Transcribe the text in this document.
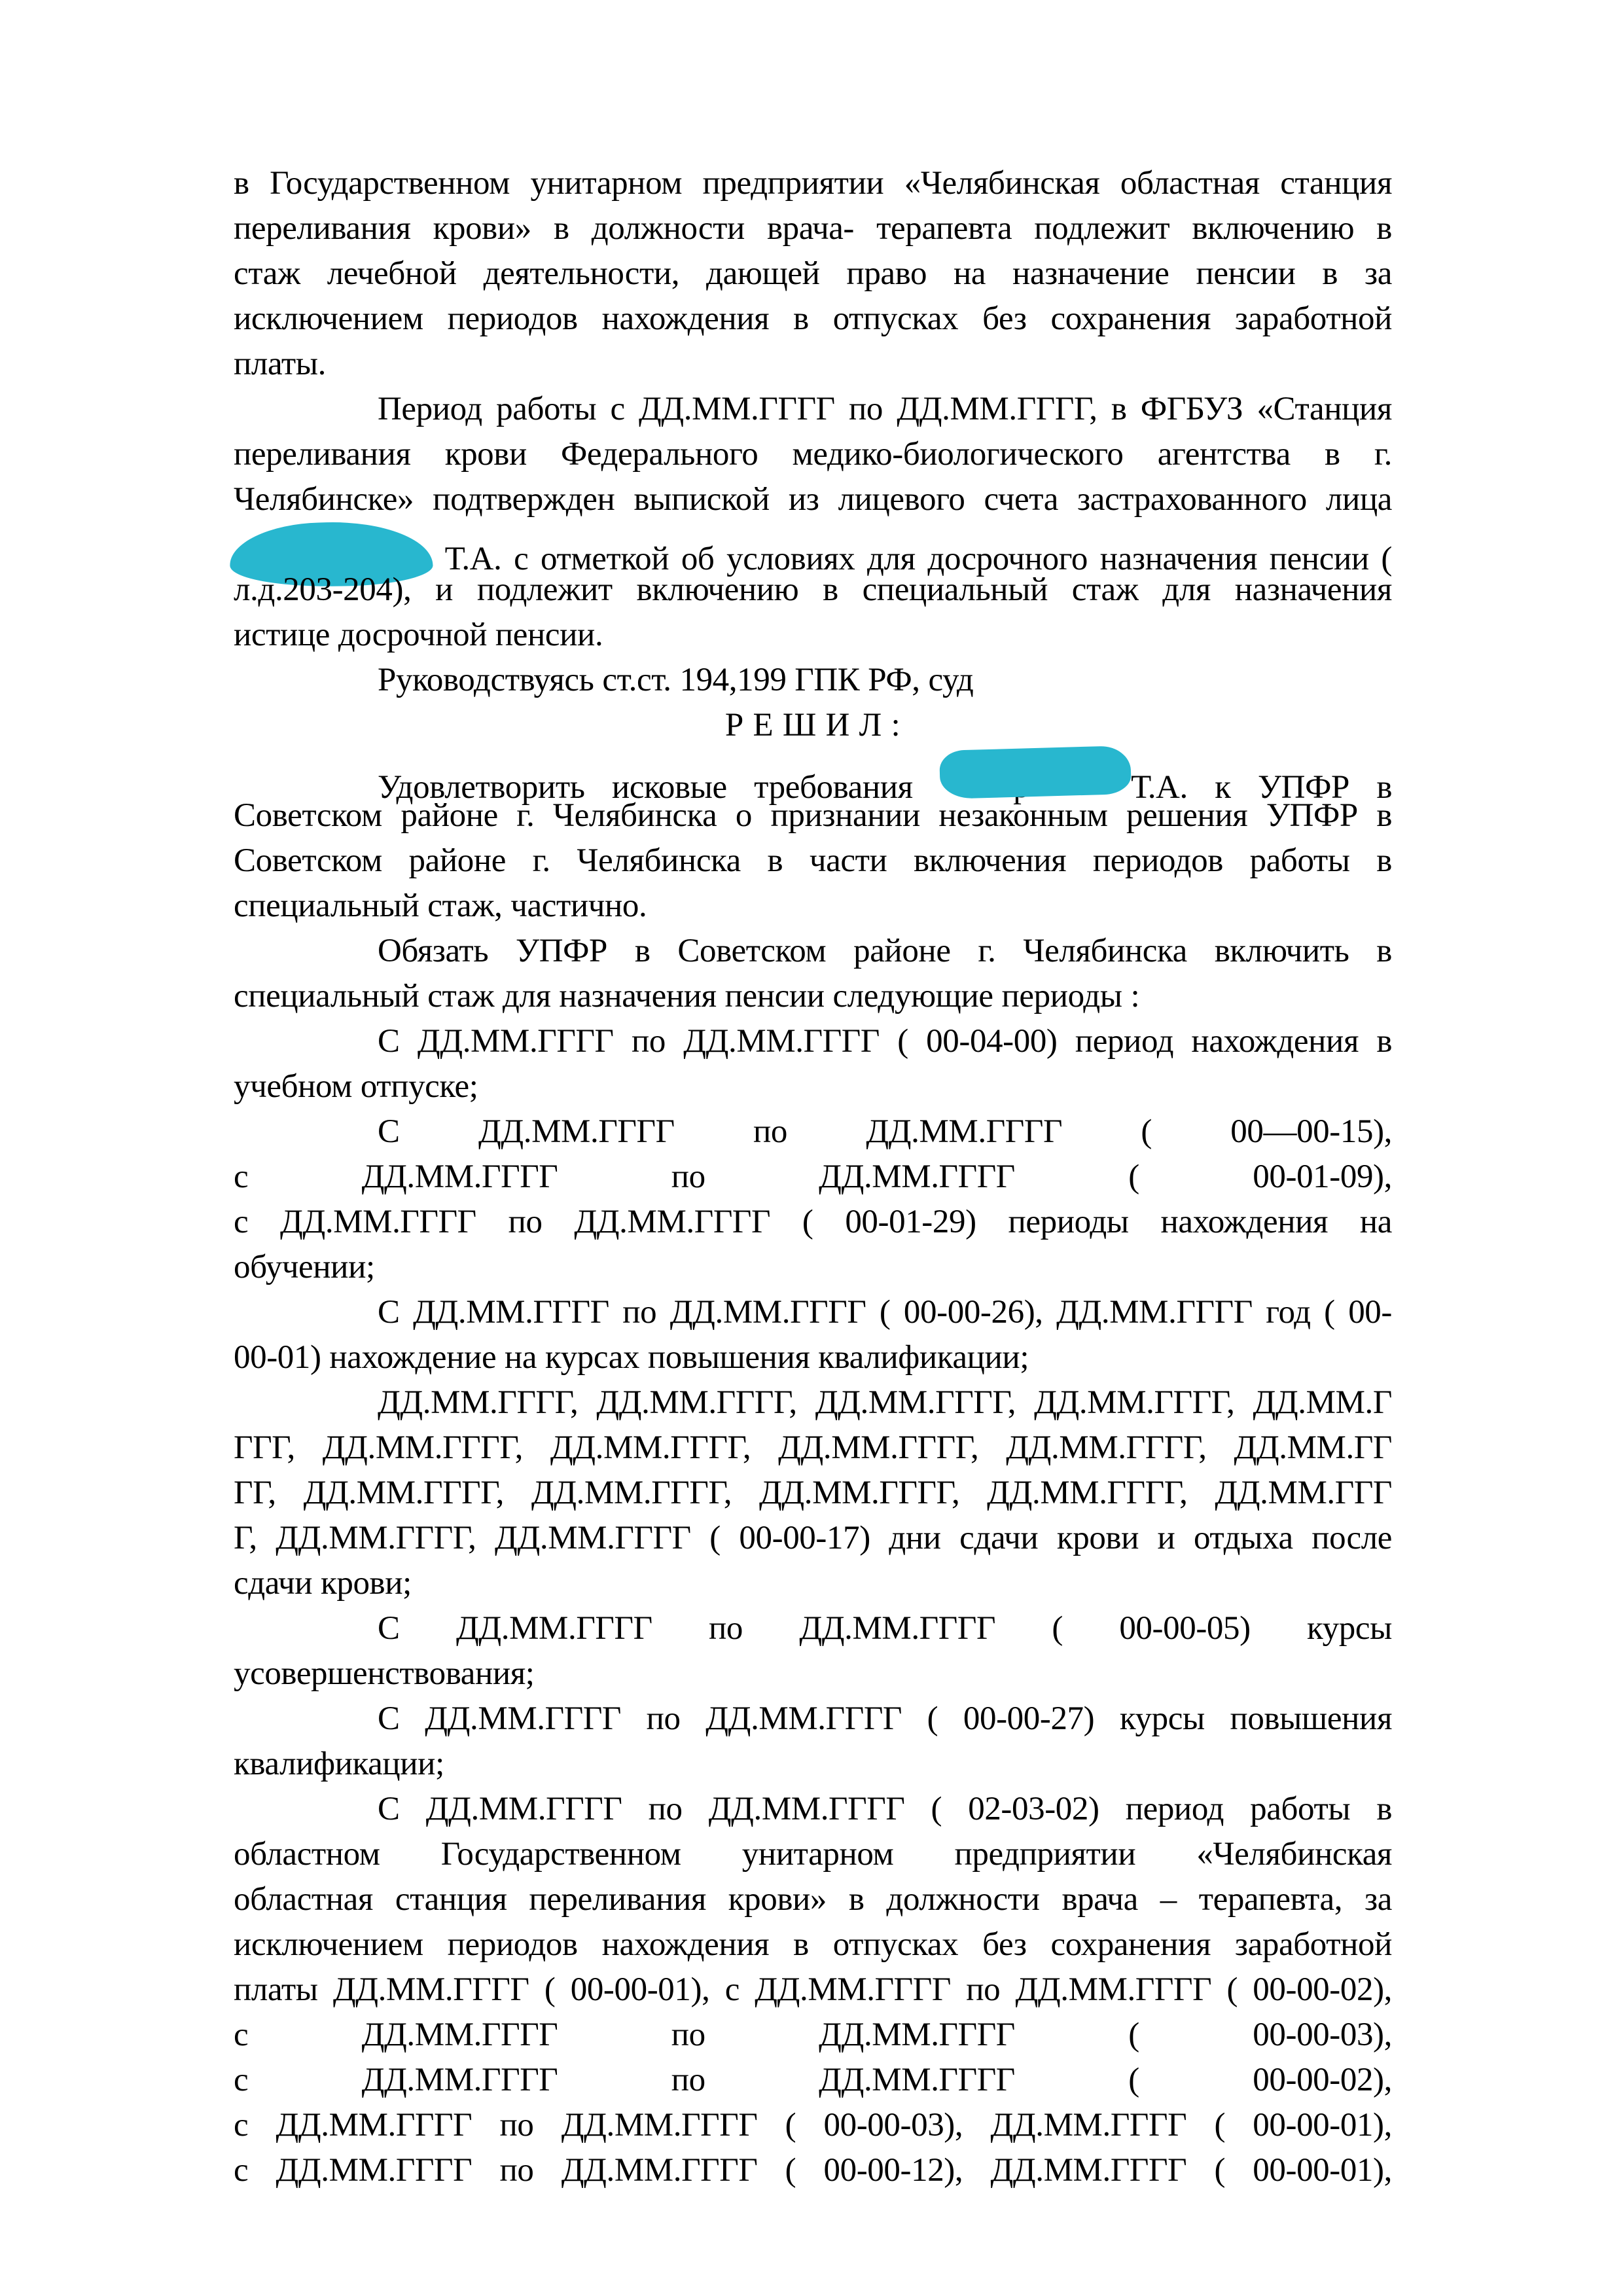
в Государственном унитарном предприятии «Челябинская областная станция
переливания крови» в должности врача- терапевта подлежит включению в
стаж лечебной деятельности, дающей право на назначение пенсии в за
исключением периодов нахождения в отпусках без сохранения заработной
платы.
Период работы с ДД.ММ.ГГГГ по ДД.ММ.ГГГГ, в ФГБУЗ «Станция
переливания крови Федерального медико-биологического агентства в г.
Челябинске» подтвержден выпиской из лицевого счета застрахованного лица
Т.А. с отметкой об условиях для досрочного назначения пенсии (
л.д.203-204), и подлежит включению в специальный стаж для назначения
истице досрочной пенсии.
Руководствуясь ст.ст. 194,199 ГПК РФ, суд
Р Е Ш И Л :
Удовлетворить исковые требования	Т.А. к УПФР в
Советском районе г. Челябинска о признании незаконным решения УПФР в
Советском районе г. Челябинска в части включения периодов работы в
специальный стаж, частично.
Обязать УПФР в Советском районе г. Челябинска включить в
специальный стаж для назначения пенсии следующие периоды :
С ДД.ММ.ГГГГ по ДД.ММ.ГГГГ ( 00-04-00) период нахождения в
учебном отпуске;
С ДД.ММ.ГГГГ по ДД.ММ.ГГГГ ( 00—00-15),
с ДД.ММ.ГГГГ по ДД.ММ.ГГГГ ( 00-01-09),
с ДД.ММ.ГГГГ по ДД.ММ.ГГГГ ( 00-01-29) периоды нахождения на
обучении;
С ДД.ММ.ГГГГ по ДД.ММ.ГГГГ ( 00-00-26), ДД.ММ.ГГГГ год ( 00-
00-01) нахождение на курсах повышения квалификации;
ДД.ММ.ГГГГ, ДД.ММ.ГГГГ, ДД.ММ.ГГГГ, ДД.ММ.ГГГГ, ДД.ММ.Г
ГГГ, ДД.ММ.ГГГГ, ДД.ММ.ГГГГ, ДД.ММ.ГГГГ, ДД.ММ.ГГГГ, ДД.ММ.ГГ
ГГ, ДД.ММ.ГГГГ, ДД.ММ.ГГГГ, ДД.ММ.ГГГГ, ДД.ММ.ГГГГ, ДД.ММ.ГГГ
Г, ДД.ММ.ГГГГ, ДД.ММ.ГГГГ ( 00-00-17) дни сдачи крови и отдыха после
сдачи крови;
С ДД.ММ.ГГГГ по ДД.ММ.ГГГГ ( 00-00-05) курсы
усовершенствования;
С ДД.ММ.ГГГГ по ДД.ММ.ГГГГ ( 00-00-27) курсы повышения
квалификации;
С ДД.ММ.ГГГГ по ДД.ММ.ГГГГ ( 02-03-02) период работы в
областном Государственном унитарном предприятии «Челябинская
областная станция переливания крови» в должности врача – терапевта, за
исключением периодов нахождения в отпусках без сохранения заработной
платы ДД.ММ.ГГГГ ( 00-00-01), с ДД.ММ.ГГГГ по ДД.ММ.ГГГГ ( 00-00-02),
с ДД.ММ.ГГГГ по ДД.ММ.ГГГГ ( 00-00-03),
с ДД.ММ.ГГГГ по ДД.ММ.ГГГГ ( 00-00-02),
с ДД.ММ.ГГГГ по ДД.ММ.ГГГГ ( 00-00-03), ДД.ММ.ГГГГ ( 00-00-01),
с ДД.ММ.ГГГГ по ДД.ММ.ГГГГ ( 00-00-12), ДД.ММ.ГГГГ ( 00-00-01),
